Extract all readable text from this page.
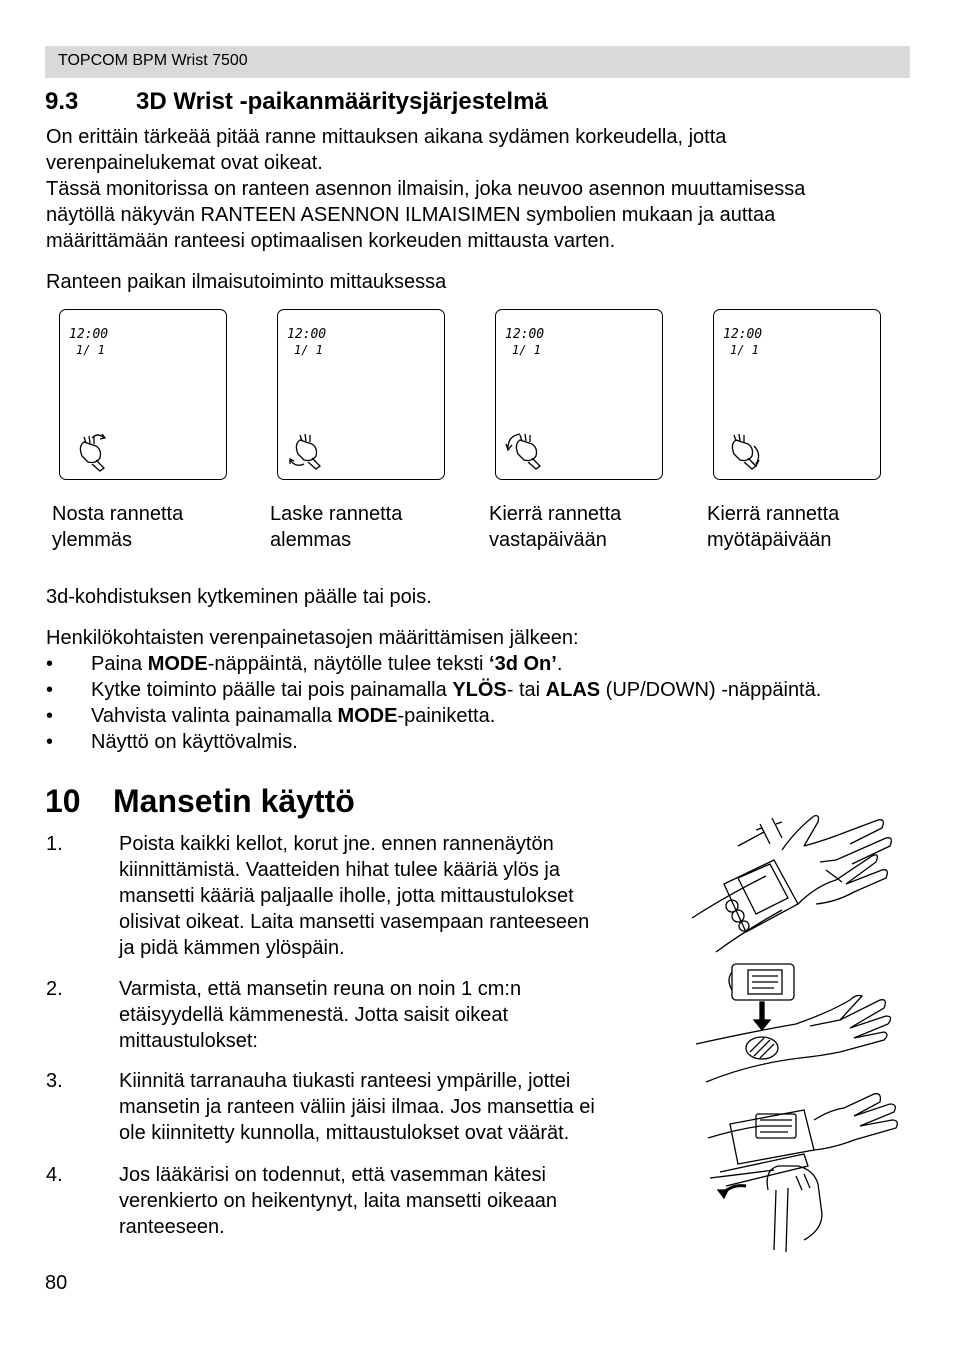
TOPCOM BPM Wrist 7500
9.3 3D Wrist -paikanmääritysjärjestelmä
On erittäin tärkeää pitää ranne mittauksen aikana sydämen korkeudella, jotta
verenpainelukemat ovat oikeat.
Tässä monitorissa on ranteen asennon ilmaisin, joka neuvoo asennon muuttamisessa
näytöllä näkyvän RANTEEN ASENNON ILMAISIMEN symbolien mukaan ja auttaa
määrittämään ranteesi optimaalisen korkeuden mittausta varten.
Ranteen paikan ilmaisutoiminto mittauksessa
12:00
1/ 1
12:00
1/ 1
12:00
1/ 1
12:00
1/ 1
Nosta rannetta
ylemmäs
Laske rannetta
alemmas
Kierrä rannetta
vastapäivään
Kierrä rannetta
myötäpäivään
3d-kohdistuksen kytkeminen päälle tai pois.
Henkilökohtaisten verenpainetasojen määrittämisen jälkeen:
• Paina MODE-näppäintä, näytölle tulee teksti ‘3d On’.
• Kytke toiminto päälle tai pois painamalla YLÖS- tai ALAS (UP/DOWN) -näppäintä.
• Vahvista valinta painamalla MODE-painiketta.
• Näyttö on käyttövalmis.
10 Mansetin käyttö
1.	Poista kaikki kellot, korut jne. ennen rannenäytön
kiinnittämistä. Vaatteiden hihat tulee kääriä ylös ja
mansetti kääriä paljaalle iholle, jotta mittaustulokset
olisivat oikeat. Laita mansetti vasempaan ranteeseen
ja pidä kämmen ylöspäin.
2.	Varmista, että mansetin reuna on noin 1 cm:n
etäisyydellä kämmenestä. Jotta saisit oikeat
mittaustulokset:
3.	Kiinnitä tarranauha tiukasti ranteesi ympärille, jottei
mansetin ja ranteen väliin jäisi ilmaa. Jos mansettia ei
ole kiinnitetty kunnolla, mittaustulokset ovat väärät.
4.	Jos lääkärisi on todennut, että vasemman kätesi
verenkierto on heikentynyt, laita mansetti oikeaan
ranteeseen.
80
